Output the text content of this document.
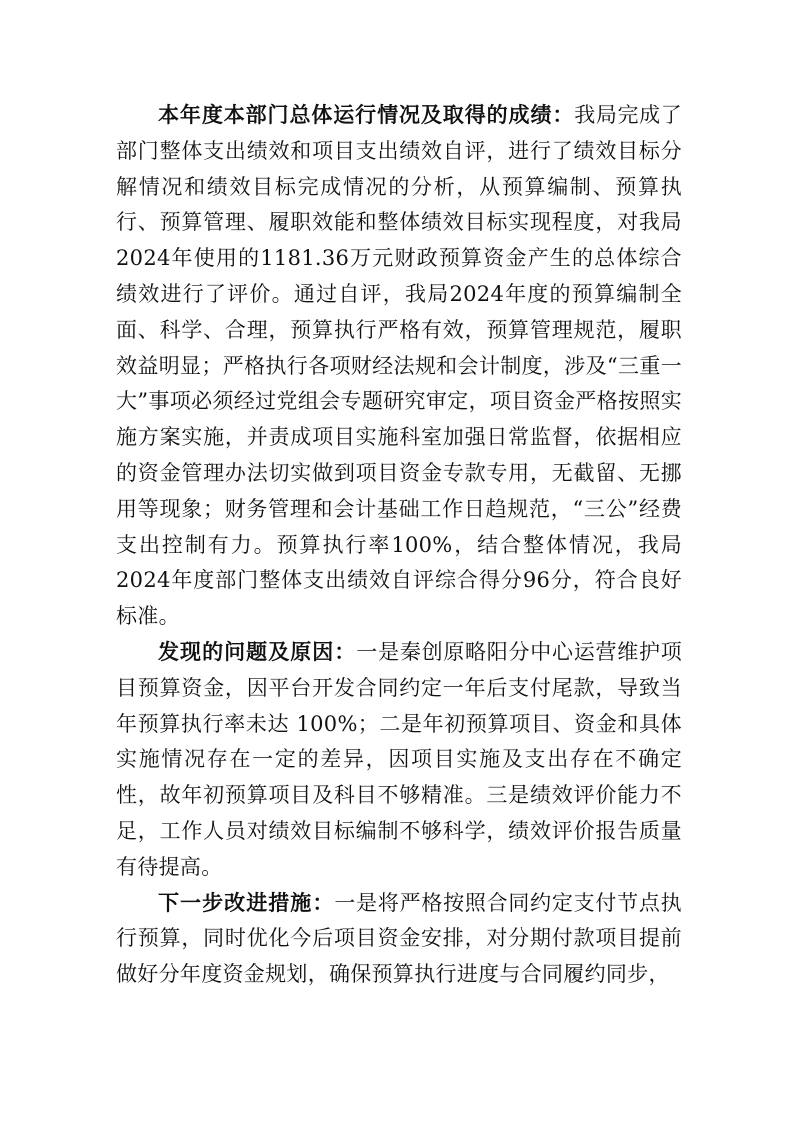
本年度本部门总体运行情况及取得的成绩：我局完成了部门整体支出绩效和项目支出绩效自评，进行了绩效目标分解情况和绩效目标完成情况的分析，从预算编制、预算执行、预算管理、履职效能和整体绩效目标实现程度，对我局2024年使用的1181.36万元财政预算资金产生的总体综合绩效进行了评价。通过自评，我局2024年度的预算编制全面、科学、合理，预算执行严格有效，预算管理规范，履职效益明显；严格执行各项财经法规和会计制度，涉及“三重一大”事项必须经过党组会专题研究审定，项目资金严格按照实施方案实施，并责成项目实施科室加强日常监督，依据相应的资金管理办法切实做到项目资金专款专用，无截留、无挪用等现象；财务管理和会计基础工作日趋规范，“三公”经费支出控制有力。预算执行率100%，结合整体情况，我局2024年度部门整体支出绩效自评综合得分96分，符合良好标准。

发现的问题及原因：一是秦创原略阳分中心运营维护项目预算资金，因平台开发合同约定一年后支付尾款，导致当年预算执行率未达 100%；二是年初预算项目、资金和具体实施情况存在一定的差异，因项目实施及支出存在不确定性，故年初预算项目及科目不够精准。三是绩效评价能力不足，工作人员对绩效目标编制不够科学，绩效评价报告质量有待提高。

下一步改进措施：一是将严格按照合同约定支付节点执行预算，同时优化今后项目资金安排，对分期付款项目提前做好分年度资金规划，确保预算执行进度与合同履约同步，
